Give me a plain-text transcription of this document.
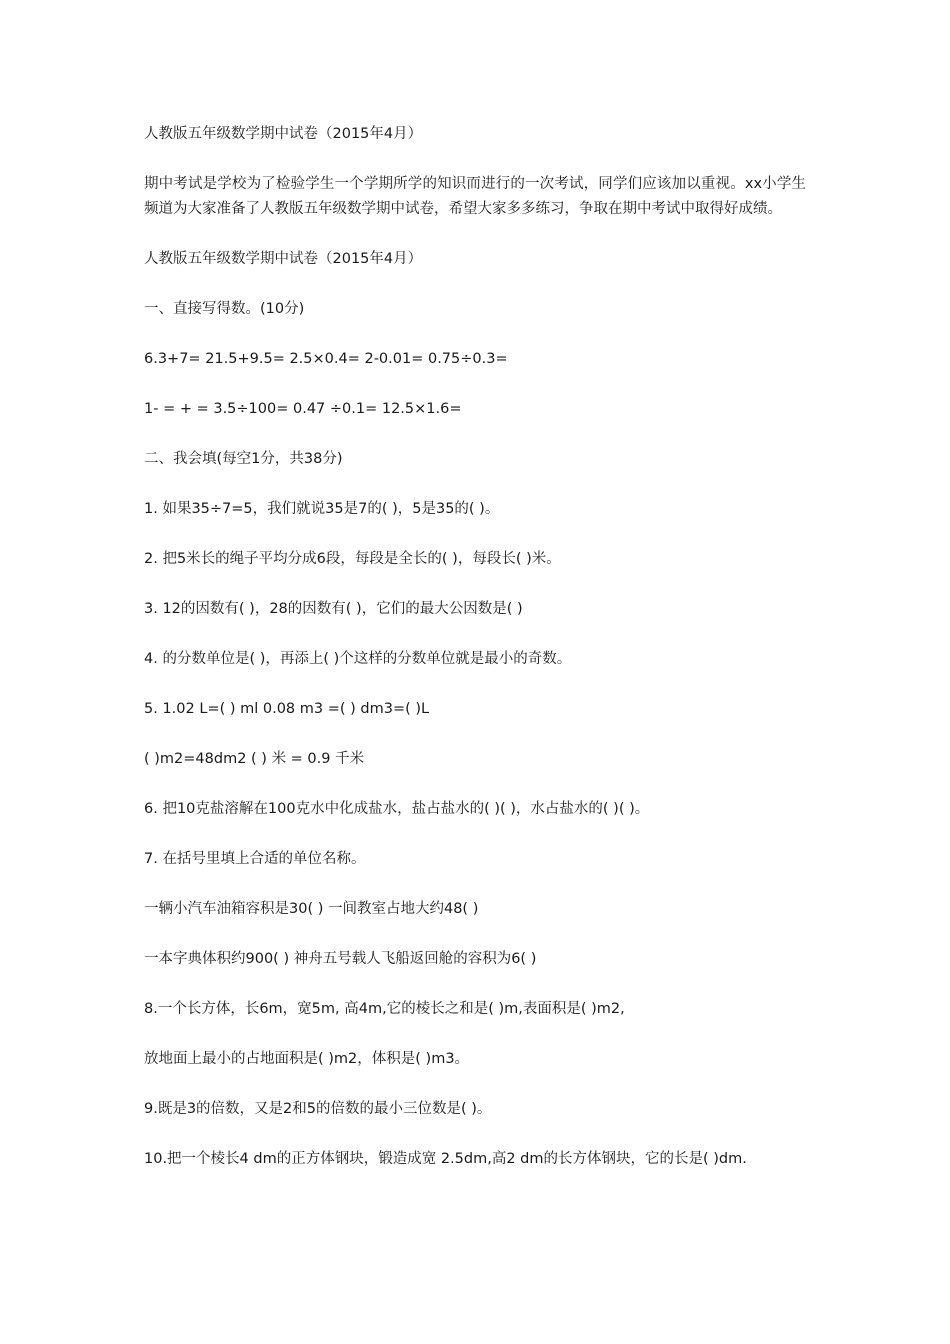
人教版五年级数学期中试卷（2015年4月）

期中考试是学校为了检验学生一个学期所学的知识而进行的一次考试，同学们应该加以重视。xx小学生频道为大家准备了人教版五年级数学期中试卷，希望大家多多练习，争取在期中考试中取得好成绩。

人教版五年级数学期中试卷（2015年4月）

一、直接写得数。(10分)

6.3+7= 21.5+9.5= 2.5×0.4= 2-0.01= 0.75÷0.3=

1- = + = 3.5÷100= 0.47 ÷0.1= 12.5×1.6=

二、我会填(每空1分，共38分)

1. 如果35÷7=5，我们就说35是7的( )，5是35的( )。

2. 把5米长的绳子平均分成6段，每段是全长的( )，每段长( )米。

3. 12的因数有( )，28的因数有( )，它们的最大公因数是( )

4. 的分数单位是( )，再添上( )个这样的分数单位就是最小的奇数。

5. 1.02 L=( ) ml 0.08 m3 =( ) dm3=( )L

( )m2=48dm2 ( ) 米 = 0.9 千米

6. 把10克盐溶解在100克水中化成盐水，盐占盐水的( )( )，水占盐水的( )( )。

7. 在括号里填上合适的单位名称。

一辆小汽车油箱容积是30( ) 一间教室占地大约48( )

一本字典体积约900( ) 神舟五号载人飞船返回舱的容积为6( )

8.一个长方体，长6m，宽5m, 高4m,它的棱长之和是( )m,表面积是( )m2,

放地面上最小的占地面积是( )m2，体积是( )m3。

9.既是3的倍数，又是2和5的倍数的最小三位数是( )。

10.把一个棱长4 dm的正方体钢块，锻造成宽 2.5dm,高2 dm的长方体钢块，它的长是( )dm.
